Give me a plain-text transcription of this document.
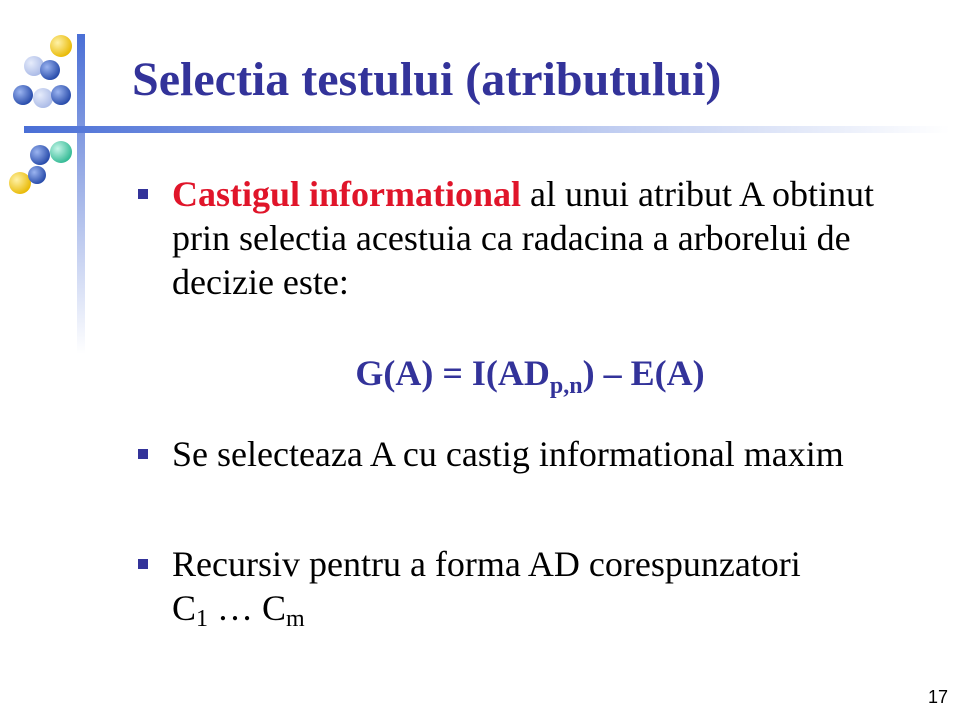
Selectia testului (atributului)
Castigul informational al unui atribut A obtinut prin selectia acestuia ca radacina a arborelui de decizie este:
$G(A) = I(AD_{p,n}) - E(A)$
Se selecteaza A cu castig informational maxim
Recursiv pentru a forma AD corespunzatori
$C_1$ … $C_m$
17
